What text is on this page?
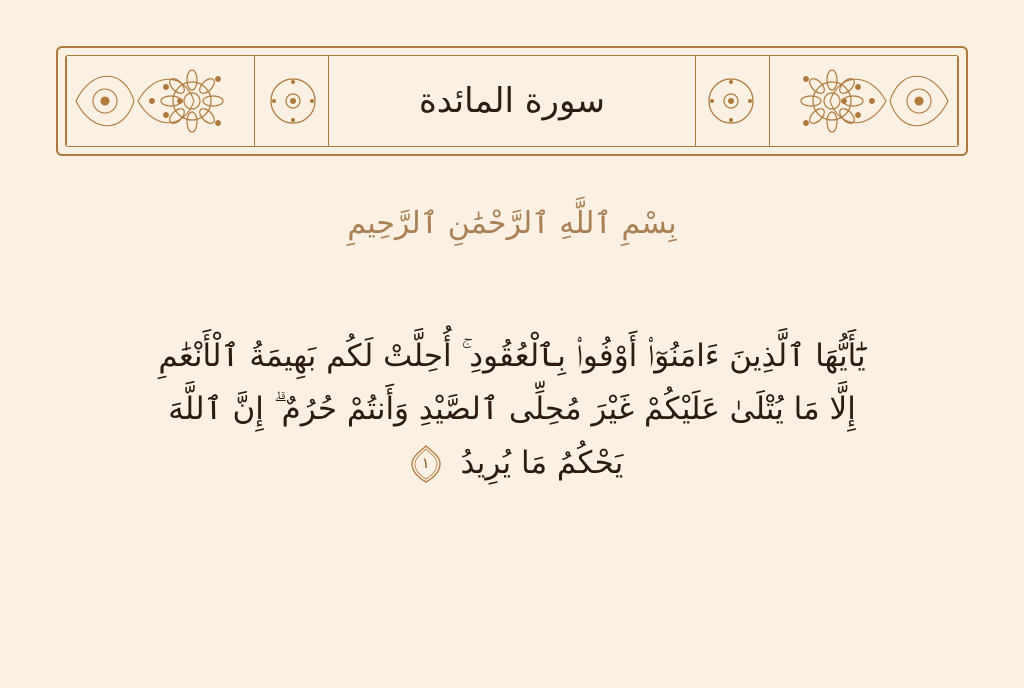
سورة المائدة
بِسْمِ ٱللَّهِ ٱلرَّحْمَٰنِ ٱلرَّحِيمِ
يَٰٓأَيُّهَا ٱلَّذِينَ ءَامَنُوٓا۟ أَوْفُوا۟ بِٱلْعُقُودِ ۚ أُحِلَّتْ لَكُم بَهِيمَةُ ٱلْأَنْعَٰمِ
إِلَّا مَا يُتْلَىٰ عَلَيْكُمْ غَيْرَ مُحِلِّى ٱلصَّيْدِ وَأَنتُمْ حُرُمٌ ۗ إِنَّ ٱللَّهَ
يَحْكُمُ مَا يُرِيدُ
١
